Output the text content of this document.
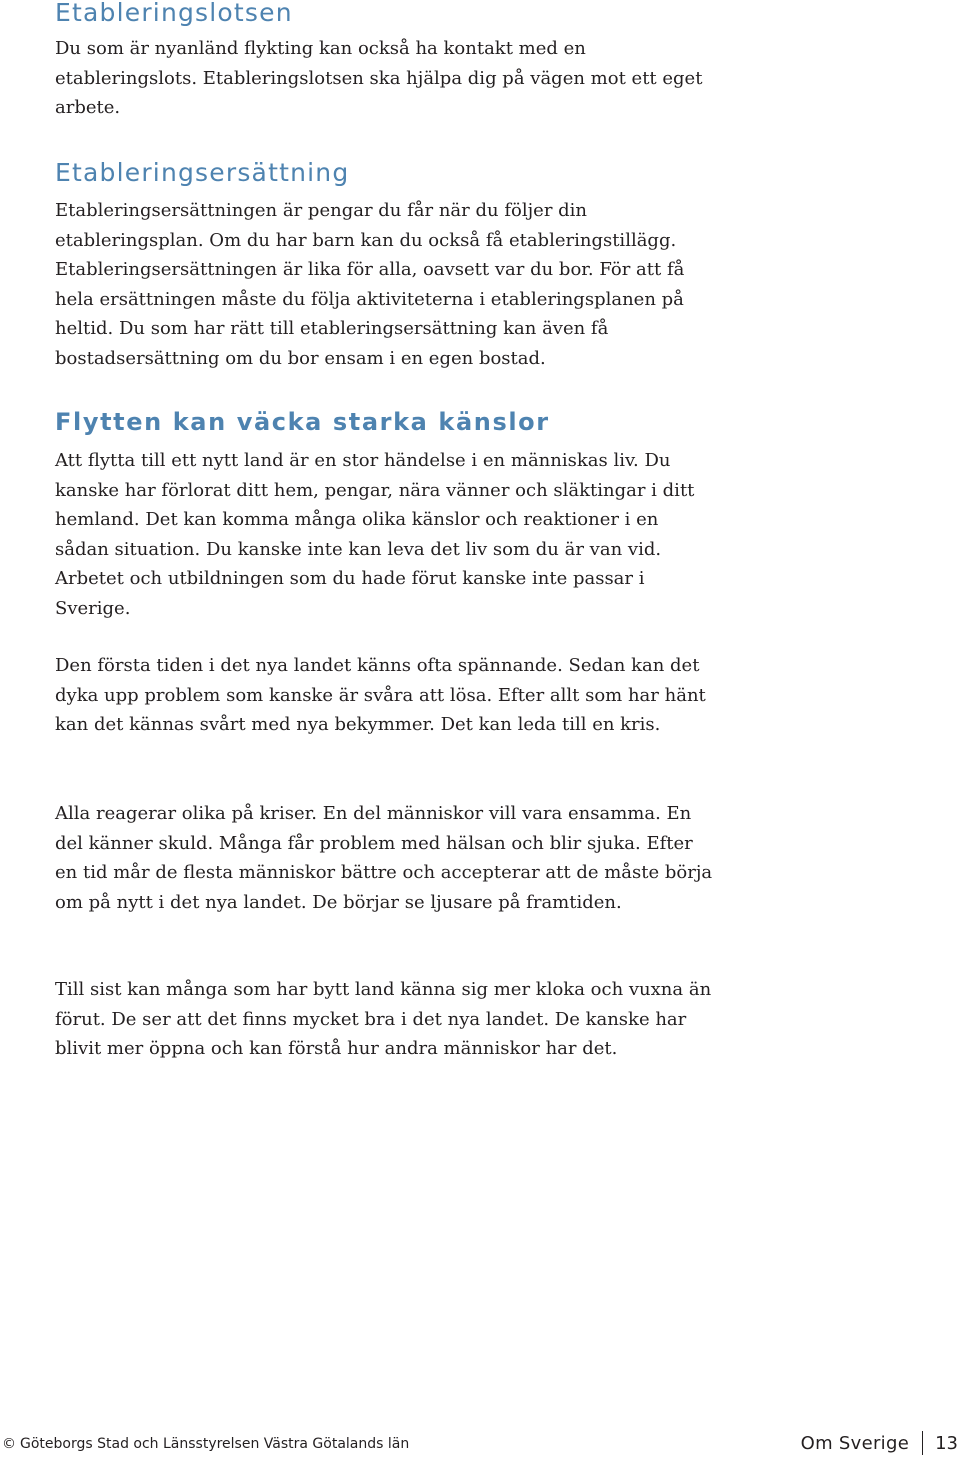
Etableringslotsen

Du som är nyanländ flykting kan också ha kontakt med en etableringslots. Etableringslotsen ska hjälpa dig på vägen mot ett eget arbete.

Etableringsersättning

Etableringsersättningen är pengar du får när du följer din etableringsplan. Om du har barn kan du också få etableringstillägg. Etableringsersättningen är lika för alla, oavsett var du bor. För att få hela ersättningen måste du följa aktiviteterna i etableringsplanen på heltid. Du som har rätt till etableringsersättning kan även få bostadsersättning om du bor ensam i en egen bostad.

Flytten kan väcka starka känslor

Att flytta till ett nytt land är en stor händelse i en människas liv. Du kanske har förlorat ditt hem, pengar, nära vänner och släktingar i ditt hemland. Det kan komma många olika känslor och reaktioner i en sådan situation. Du kanske inte kan leva det liv som du är van vid. Arbetet och utbildningen som du hade förut kanske inte passar i Sverige.

Den första tiden i det nya landet känns ofta spännande. Sedan kan det dyka upp problem som kanske är svåra att lösa. Efter allt som har hänt kan det kännas svårt med nya bekymmer. Det kan leda till en kris.

Alla reagerar olika på kriser. En del människor vill vara ensamma. En del känner skuld. Många får problem med hälsan och blir sjuka. Efter en tid mår de flesta människor bättre och accepterar att de måste börja om på nytt i det nya landet. De börjar se ljusare på framtiden.

Till sist kan många som har bytt land känna sig mer kloka och vuxna än förut. De ser att det finns mycket bra i det nya landet. De kanske har blivit mer öppna och kan förstå hur andra människor har det.

© Göteborgs Stad och Länsstyrelsen Västra Götalands län	Om Sverige 13
